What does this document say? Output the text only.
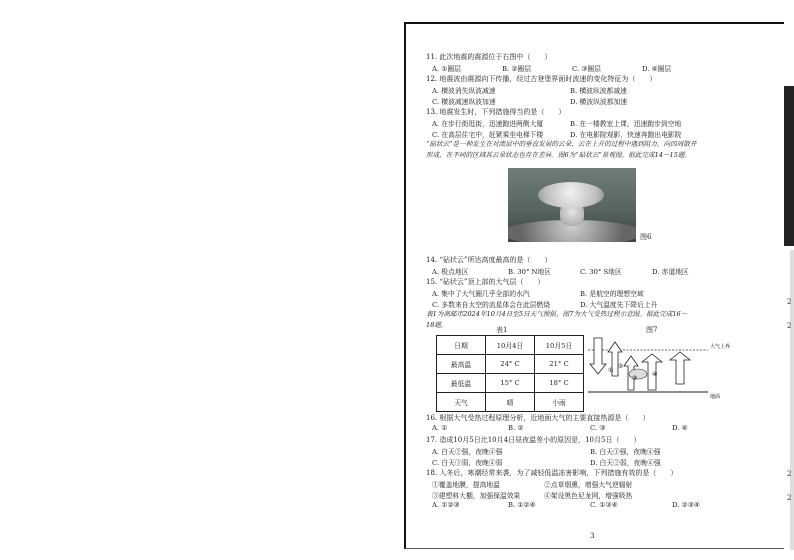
2
2
2
2
11. 此次地震的震源位于右图中（　　）
A. ①圈层	B. ②圈层	C. ③圈层	D. ④圈层
12. 地震波由震源向下传播，经过古登堡界面时波速的变化特征为（　　）
A. 横波消失纵波减速	B. 横波纵波都减速
C. 横波减速纵波加速	D. 横波纵波都加速
13. 地震发生时，下列措施得当的是（　　）
A. 在步行街逛街，迅速跑进两侧大厦	B. 在一楼教室上课，迅速跑步到空地
C. 在高层住宅中，赶紧乘坐电梯下楼	D. 在电影院观影，快速奔跑出电影院
“砧状云”是一种发生在对流层中的垂直发展的云朵，云在上升的过程中遇到阻力，向四周散开
形成，在不同的区域其云朵状态也存在差异。图6为“砧状云”景观图。据此完成14～15题。
图6
14. “砧状云”所达高度最高的是（　　）
A. 极点地区	B. 30° N地区	C. 30° S地区	D. 赤道地区
15. “砧状云”顶上部的大气层（　　）
A. 集中了大气圈几乎全部的水汽	B. 是航空的理想空域
C. 多数来自太空的流星体会在此层燃烧	D. 大气温度先下降后上升
表1为高邮市2024年10月4日至5日天气预报，图7为大气受热过程示意图。据此完成16～
18题。
表1
日期	10月4日	10月5日
最高温	24° C	21° C
最低温	15° C	18° C
天气	晴	小雨
图7
①
②
③
④
大气上界
地面
16. 根据大气受热过程原理分析，近地面大气的主要直接热源是（　　）
A. ①	B. ②	C. ③	D. ④
17. 造成10月5日比10月4日昼夜温差小的原因是，10月5日（　　）
A. 白天②强，夜晚④强	B. 白天①强，夜晚④强
C. 白天③弱，夜晚④弱	D. 白天②弱，夜晚④强
18. 入冬后，寒潮经常来袭，为了减轻低温冻害影响，下列措施有效的是（　　）
①覆盖地膜，提高地温	②点草烟熏，增强大气逆辐射
③建塑料大棚，加强保温效果	④架设黑色尼龙网，增强吸热
A. ①②③	B. ①②④	C. ①③④	D. ②③④
3
